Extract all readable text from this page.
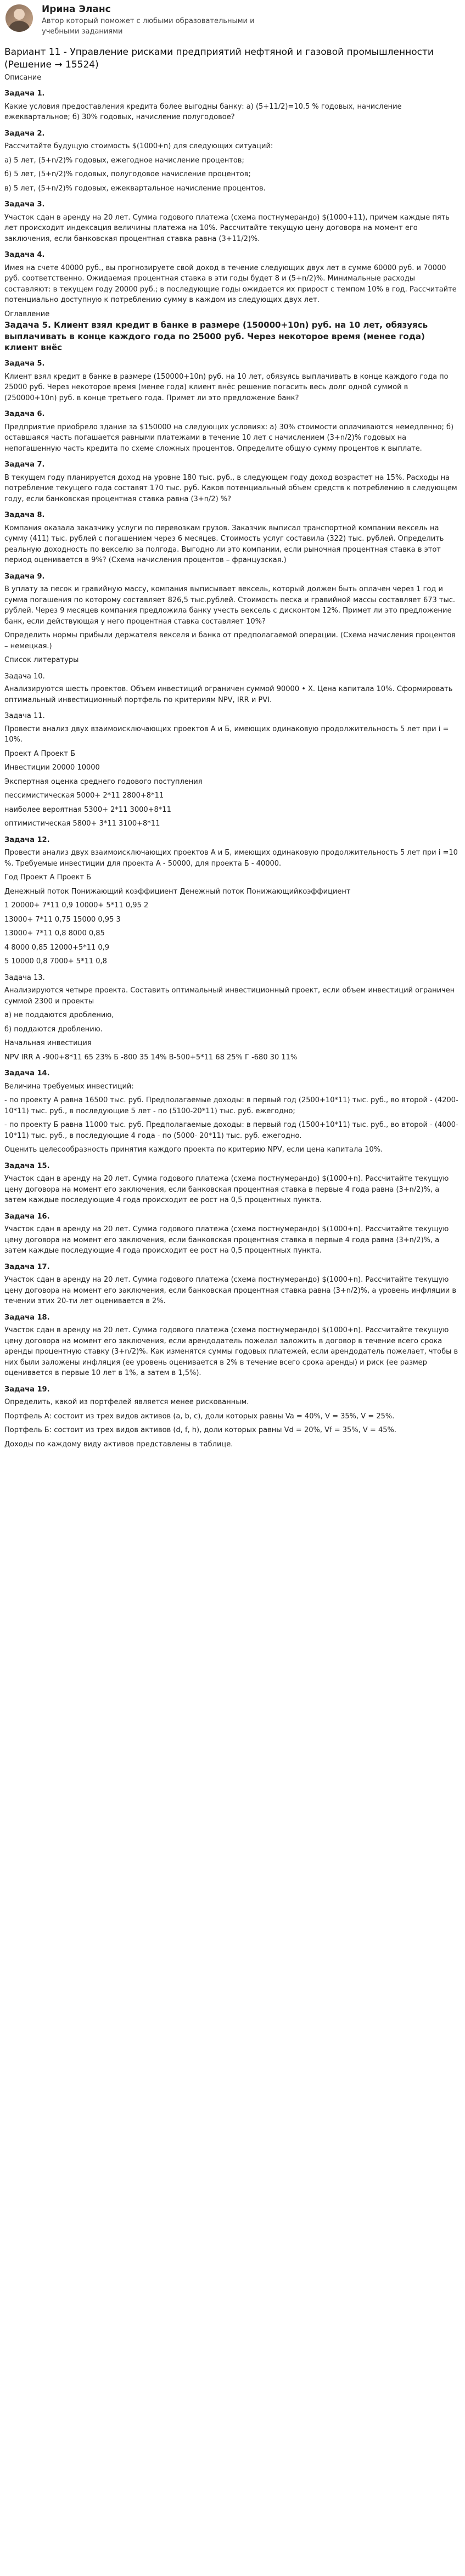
Ирина Эланс
Автор который поможет с любыми образовательными и учебными заданиями
Вариант 11 - Управление рисками предприятий нефтяной и газовой промышленности (Решение → 15524)
Описание
Задача 1.

Какие условия предоставления кредита более выгодны банку: а) (5+11/2)=10.5 % годовых, начисление ежеквартальное; б) 30% годовых, начисление полугодовое?

Задача 2.

Рассчитайте будущую стоимость $(1000+n) для следующих ситуаций:

а) 5 лет, (5+n/2)% годовых, ежегодное начисление процентов;

б) 5 лет, (5+n/2)% годовых, полугодовое начисление процентов;

в) 5 лет, (5+n/2)% годовых, ежеквартальное начисление процентов.

Задача 3.

Участок сдан в аренду на 20 лет. Сумма годового платежа (схема постнумерандо) $(1000+11), причем каждые пять лет происходит индексация величины платежа на 10%. Рассчитайте текущую цену договора на момент его заключения, если банковская процентная ставка равна (3+11/2)%.

Задача 4.

Имея на счете 40000 руб., вы прогнозируете свой доход в течение следующих двух лет в сумме 60000 руб. и 70000 руб. соответственно. Ожидаемая процентная ставка в эти годы будет 8 и (5+n/2)%. Минимальные расходы составляют: в текущем году 20000 руб.; в последующие годы ожидается их прирост с темпом 10% в год. Рассчитайте потенциально доступную к потреблению сумму в каждом из следующих двух лет.

Оглавление
Задача 5. Клиент взял кредит в банке в размере (150000+10n) руб. на 10 лет, обязуясь выплачивать в конце каждого года по 25000 руб. Через некоторое время (менее года) клиент внёс
Задача 5.

Клиент взял кредит в банке в размере (150000+10n) руб. на 10 лет, обязуясь выплачивать в конце каждого года по 25000 руб. Через некоторое время (менее года) клиент внёс решение погасить весь долг одной суммой в (250000+10n) руб. в конце третьего года. Примет ли это предложение банк?

Задача 6.

Предприятие приобрело здание за $150000 на следующих условиях: а) 30% стоимости оплачиваются немедленно; б) оставшаяся часть погашается равными платежами в течение 10 лет с начислением (3+n/2)% годовых на непогашенную часть кредита по схеме сложных процентов. Определите общую сумму процентов к выплате.

Задача 7.

В текущем году планируется доход на уровне 180 тыс. руб., в следующем году доход возрастет на 15%. Расходы на потребление текущего года составят 170 тыс. руб. Каков потенциальный объем средств к потреблению в следующем году, если банковская процентная ставка равна (3+n/2) %?

Задача 8.

Компания оказала заказчику услуги по перевозкам грузов. Заказчик выписал транспортной компании вексель на сумму (411) тыс. рублей с погашением через 6 месяцев. Стоимость услуг составила (322) тыс. рублей. Определить реальную доходность по векселю за полгода. Выгодно ли это компании, если рыночная процентная ставка в этот период оценивается в 9%? (Схема начисления процентов – французская.)

Задача 9.

В уплату за песок и гравийную массу, компания выписывает вексель, который должен быть оплачен через 1 год и сумма погашения по которому составляет 826,5 тыс.рублей. Стоимость песка и гравийной массы составляет 673 тыс. рублей. Через 9 месяцев компания предложила банку учесть вексель с дисконтом 12%. Примет ли это предложение банк, если действующая у него процентная ставка составляет 10%?

Определить нормы прибыли держателя векселя и банка от предполагаемой операции. (Схема начисления процентов – немецкая.)

Список литературы
Задача 10.

Анализируются шесть проектов. Объем инвестиций ограничен суммой 90000 • X. Цена капитала 10%. Сформировать оптимальный инвестиционный портфель по критериям NPV, IRR и PVI.

Задача 11.

Провести анализ двух взаимоисключающих проектов А и Б, имеющих одинаковую продолжительность 5 лет при i = 10%.

Проект А Проект Б

Инвестиции 20000 10000

Экспертная оценка среднего годового поступления

пессимистическая 5000+ 2*11 2800+8*11

наиболее вероятная 5300+ 2*11 3000+8*11

оптимистическая 5800+ 3*11 3100+8*11

Задача 12.

Провести анализ двух взаимоисключающих проектов А и Б, имеющих одинаковую продолжительность 5 лет при i =10 %. Требуемые инвестиции для проекта А - 50000, для проекта Б - 40000.

Год Проект А Проект Б

Денежный поток Понижающий коэффициент Денежный поток Понижающийкоэффициент

1 20000+ 7*11 0,9 10000+ 5*11 0,95 2

13000+ 7*11 0,75 15000 0,95 3

13000+ 7*11 0,8 8000 0,85

4 8000 0,85 12000+5*11 0,9

5 10000 0,8 7000+ 5*11 0,8

Задача 13.

Анализируются четыре проекта. Составить оптимальный инвестиционный проект, если объем инвестиций ограничен суммой 2300 и проекты

а) не поддаются дроблению,

б) поддаются дроблению.

Начальная инвестиция

NPV IRR А -900+8*11 65 23% Б -800 35 14% В-500+5*11 68 25% Г -680 30 11%

Задача 14.

Величина требуемых инвестиций:

- по проекту А равна 16500 тыс. руб. Предполагаемые доходы: в первый год (2500+10*11) тыс. руб., во второй - (4200-10*11) тыс. руб., в последующие 5 лет - по (5100-20*11) тыс. руб. ежегодно;

- по проекту Б равна 11000 тыс. руб. Предполагаемые доходы: в первый год (1500+10*11) тыс. руб., во второй - (4000-10*11) тыс. руб., в последующие 4 года - по (5000- 20*11) тыс. руб. ежегодно.

Оценить целесообразность принятия каждого проекта по критерию NPV, если цена капитала 10%.

Задача 15.

Участок сдан в аренду на 20 лет. Сумма годового платежа (схема постнумерандо) $(1000+n). Рассчитайте текущую цену договора на момент его заключения, если банковская процентная ставка в первые 4 года равна (3+n/2)%, а затем каждые последующие 4 года происходит ее рост на 0,5 процентных пункта.

Задача 16.

Участок сдан в аренду на 20 лет. Сумма годового платежа (схема постнумерандо) $(1000+n). Рассчитайте текущую цену договора на момент его заключения, если банковская процентная ставка в первые 4 года равна (3+n/2)%, а затем каждые последующие 4 года происходит ее рост на 0,5 процентных пункта.

Задача 17.

Участок сдан в аренду на 20 лет. Сумма годового платежа (схема постнумерандо) $(1000+n). Рассчитайте текущую цену договора на момент его заключения, если банковская процентная ставка равна (3+n/2)%, а уровень инфляции в течении этих 20-ти лет оценивается в 2%.

Задача 18.

Участок сдан в аренду на 20 лет. Сумма годового платежа (схема постнумерандо) $(1000+n). Рассчитайте текущую цену договора на момент его заключения, если арендодатель пожелал заложить в договор в течение всего срока аренды процентную ставку (3+n/2)%. Как изменятся суммы годовых платежей, если арендодатель пожелает, чтобы в них были заложены инфляция (ее уровень оценивается в 2% в течение всего срока аренды) и риск (ее размер оценивается в первые 10 лет в 1%, а затем в 1,5%).

Задача 19.

Определить, какой из портфелей является менее рискованным.

Портфель А: состоит из трех видов активов (a, b, c), доли которых равны Va = 40%, V = 35%, V = 25%.

Портфель Б: состоит из трех видов активов (d, f, h), доли которых равны Vd = 20%, Vf = 35%, V = 45%.

Доходы по каждому виду активов представлены в таблице.
